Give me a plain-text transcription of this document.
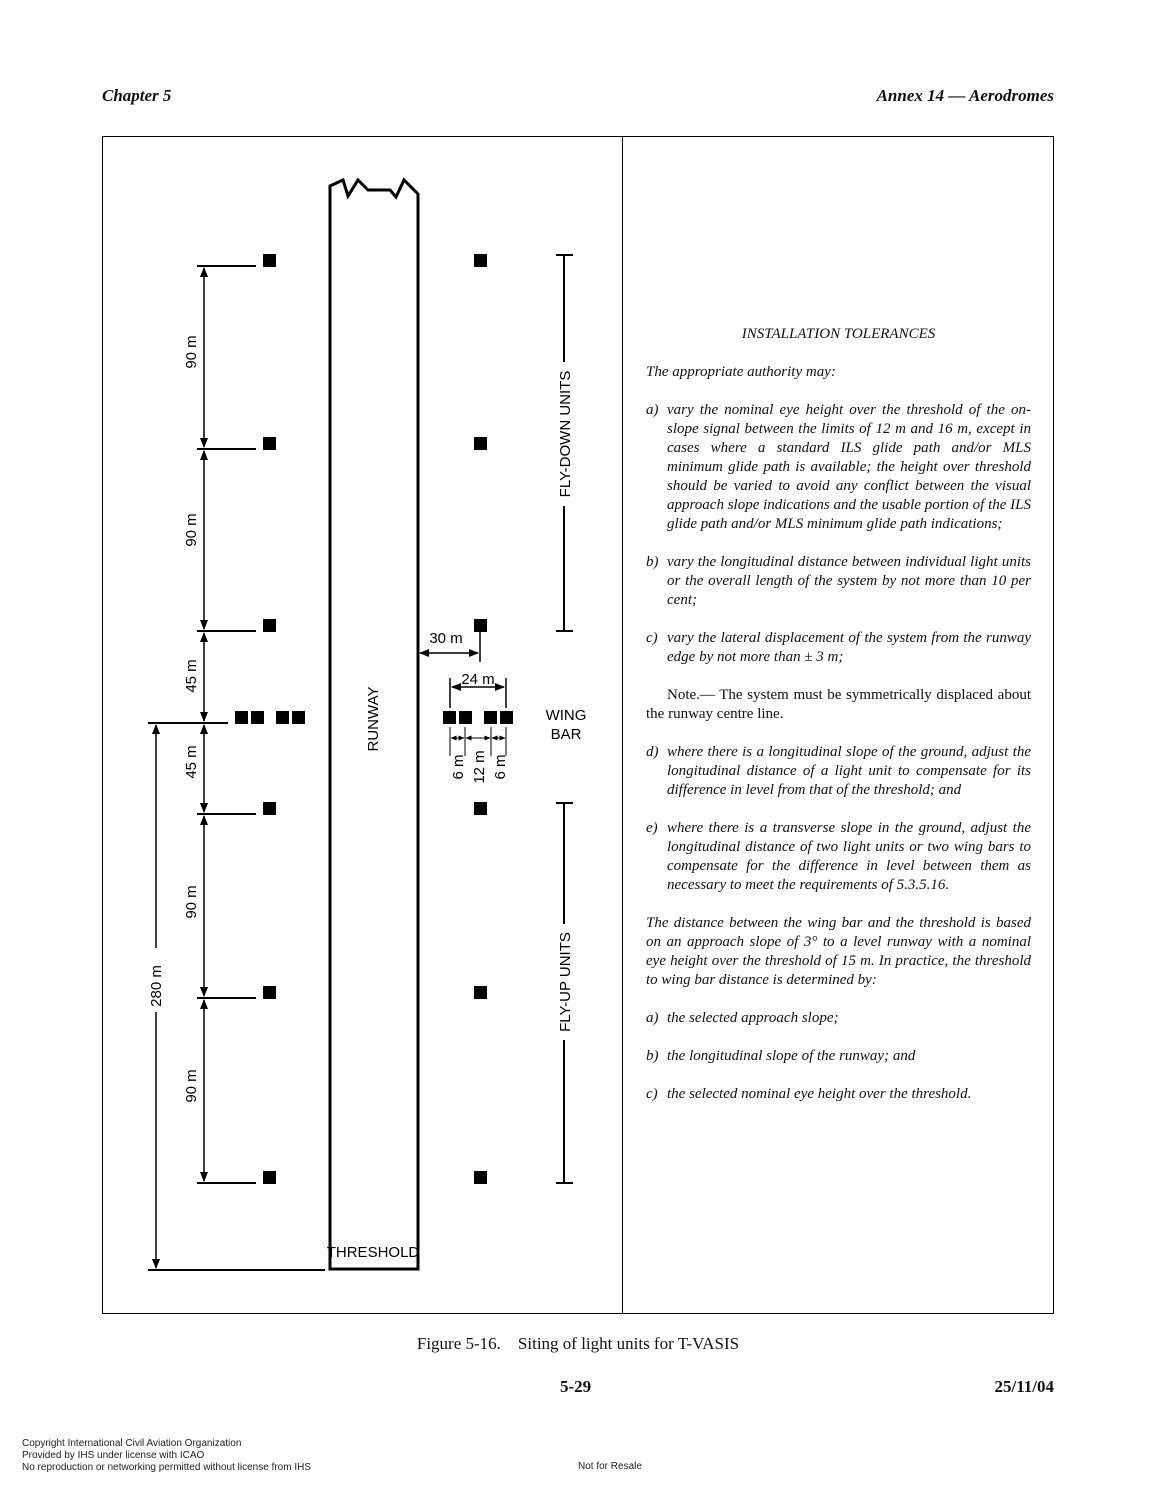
Chapter 5	Annex 14 — Aerodromes
90 m
90 m
45 m
45 m
90 m
90 m
280 m
RUNWAY
THRESHOLD
30 m
24 m
6 m 12 m 6 m
FLY-DOWN UNITS
FLY-UP UNITS
WING
BAR

INSTALLATION TOLERANCES

The appropriate authority may:

a) vary the nominal eye height over the threshold of the on-slope signal between the limits of 12 m and 16 m, except in cases where a standard ILS glide path and/or MLS minimum glide path is available; the height over threshold should be varied to avoid any conflict between the visual approach slope indications and the usable portion of the ILS glide path and/or MLS minimum glide path indications;

b) vary the longitudinal distance between individual light units or the overall length of the system by not more than 10 per cent;

c) vary the lateral displacement of the system from the runway edge by not more than ± 3 m;

Note.— The system must be symmetrically displaced about the runway centre line.

d) where there is a longitudinal slope of the ground, adjust the longitudinal distance of a light unit to compensate for its difference in level from that of the threshold; and

e) where there is a transverse slope in the ground, adjust the longitudinal distance of two light units or two wing bars to compensate for the difference in level between them as necessary to meet the requirements of 5.3.5.16.

The distance between the wing bar and the threshold is based on an approach slope of 3° to a level runway with a nominal eye height over the threshold of 15 m. In practice, the threshold to wing bar distance is determined by:

a) the selected approach slope;

b) the longitudinal slope of the runway; and

c) the selected nominal eye height over the threshold.

Figure 5-16.    Siting of light units for T-VASIS
5-29	25/11/04
Copyright International Civil Aviation Organization
Provided by IHS under license with ICAO
No reproduction or networking permitted without license from IHS	Not for Resale
